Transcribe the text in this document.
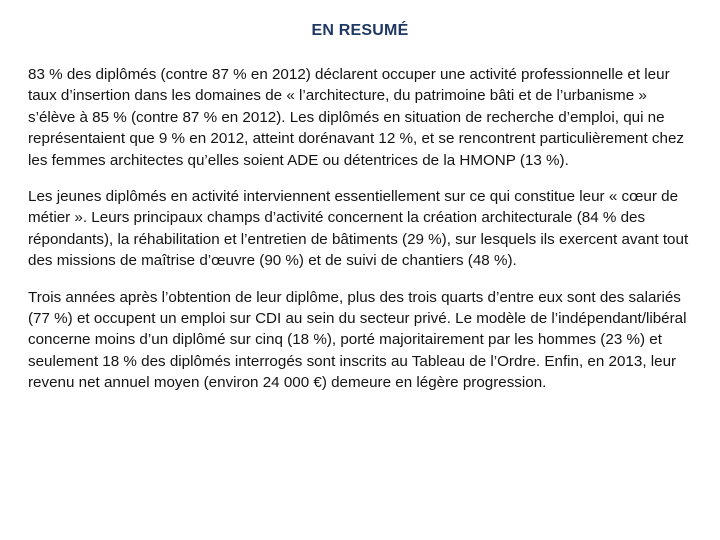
EN RESUMÉ

83 % des diplômés (contre 87 % en 2012) déclarent occuper une activité professionnelle et leur taux d’insertion dans les domaines de « l’architecture, du patrimoine bâti et de l’urbanisme » s’élève à 85 % (contre 87 % en 2012). Les diplômés en situation de recherche d’emploi, qui ne représentaient que 9 % en 2012, atteint dorénavant 12 %, et se rencontrent particulièrement chez les femmes architectes qu’elles soient ADE ou détentrices de la HMONP (13 %).

Les jeunes diplômés en activité interviennent essentiellement sur ce qui constitue leur « cœur de métier ». Leurs principaux champs d’activité concernent la création architecturale (84 % des répondants), la réhabilitation et l’entretien de bâtiments (29 %), sur lesquels ils exercent avant tout des missions de maîtrise d’œuvre (90 %) et de suivi de chantiers (48 %).

Trois années après l’obtention de leur diplôme, plus des trois quarts d’entre eux sont des salariés (77 %) et occupent un emploi sur CDI au sein du secteur privé. Le modèle de l’indépendant/libéral concerne moins d’un diplômé sur cinq (18 %), porté majoritairement par les hommes (23 %) et seulement 18 % des diplômés interrogés sont inscrits au Tableau de l’Ordre. Enfin, en 2013, leur revenu net annuel moyen (environ 24 000 €) demeure en légère progression.
